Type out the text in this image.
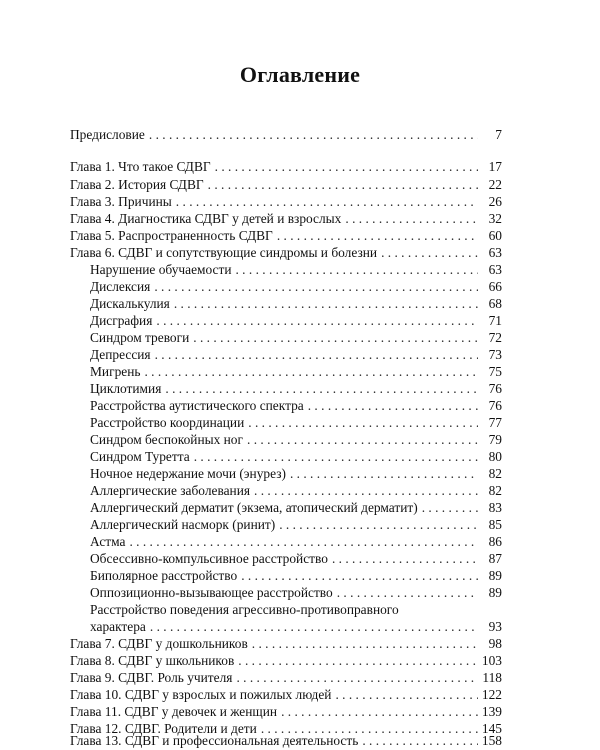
Оглавление
Предисловие . . .	7
Глава 1. Что такое СДВГ . . .	17
Глава 2. История СДВГ . . .	22
Глава 3. Причины . . .	26
Глава 4. Диагностика СДВГ у детей и взрослых . . .	32
Глава 5. Распространенность СДВГ . . .	60
Глава 6. СДВГ и сопутствующие синдромы и болезни . . .	63
Нарушение обучаемости . . .	63
Дислексия . . .	66
Дискалькулия . . .	68
Дисграфия . . .	71
Синдром тревоги . . .	72
Депрессия . . .	73
Мигрень . . .	75
Циклотимия . . .	76
Расстройства аутистического спектра . . .	76
Расстройство координации . . .	77
Синдром беспокойных ног . . .	79
Синдром Туретта . . .	80
Ночное недержание мочи (энурез) . . .	82
Аллергические заболевания . . .	82
Аллергический дерматит (экзема, атопический дерматит) . . .	83
Аллергический насморк (ринит) . . .	85
Астма . . .	86
Обсессивно-компульсивное расстройство . . .	87
Биполярное расстройство . . .	89
Оппозиционно-вызывающее расстройство . . .	89
Расстройство поведения агрессивно-противоправного
характера . . .	93
Глава 7. СДВГ у дошкольников . . .	98
Глава 8. СДВГ у школьников . . .	103
Глава 9. СДВГ. Роль учителя . . .	118
Глава 10. СДВГ у взрослых и пожилых людей . . .	122
Глава 11. СДВГ у девочек и женщин . . .	139
Глава 12. СДВГ. Родители и дети . . .	145
Глава 13. СДВГ и профессиональная деятельность . . .	158
